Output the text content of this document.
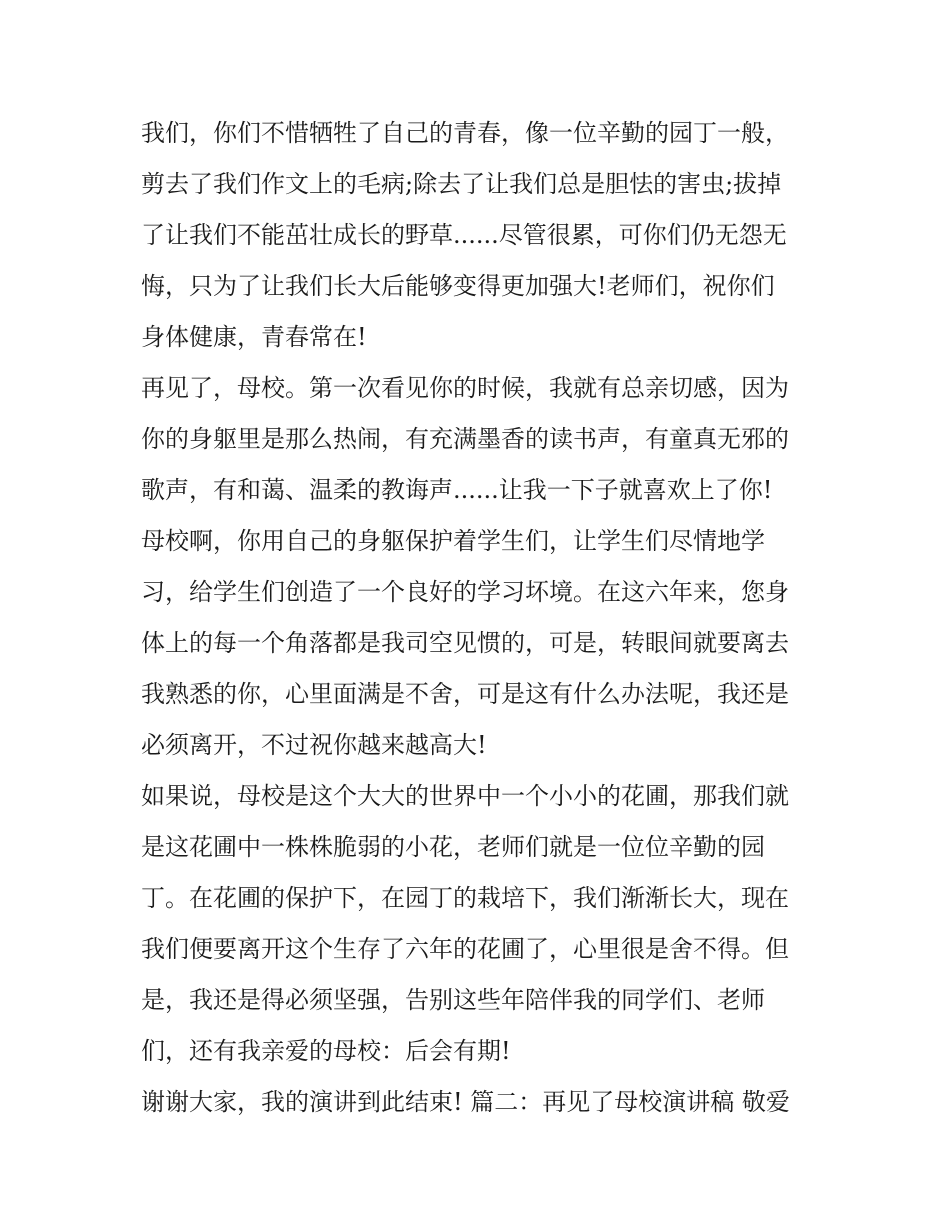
我们，你们不惜牺牲了自己的青春，像一位辛勤的园丁一般，
剪去了我们作文上的毛病;除去了让我们总是胆怯的害虫;拔掉
了让我们不能茁壮成长的野草......尽管很累，可你们仍无怨无
悔，只为了让我们长大后能够变得更加强大!老师们，祝你们
身体健康，青春常在!
再见了，母校。第一次看见你的时候，我就有总亲切感，因为
你的身躯里是那么热闹，有充满墨香的读书声，有童真无邪的
歌声，有和蔼、温柔的教诲声......让我一下子就喜欢上了你!
母校啊，你用自己的身躯保护着学生们，让学生们尽情地学
习，给学生们创造了一个良好的学习坏境。在这六年来，您身
体上的每一个角落都是我司空见惯的，可是，转眼间就要离去
我熟悉的你，心里面满是不舍，可是这有什么办法呢，我还是
必须离开，不过祝你越来越高大!
如果说，母校是这个大大的世界中一个小小的花圃，那我们就
是这花圃中一株株脆弱的小花，老师们就是一位位辛勤的园
丁。在花圃的保护下，在园丁的栽培下，我们渐渐长大，现在
我们便要离开这个生存了六年的花圃了，心里很是舍不得。但
是，我还是得必须坚强，告别这些年陪伴我的同学们、老师
们，还有我亲爱的母校：后会有期!
谢谢大家，我的演讲到此结束! 篇二：再见了母校演讲稿 敬爱
